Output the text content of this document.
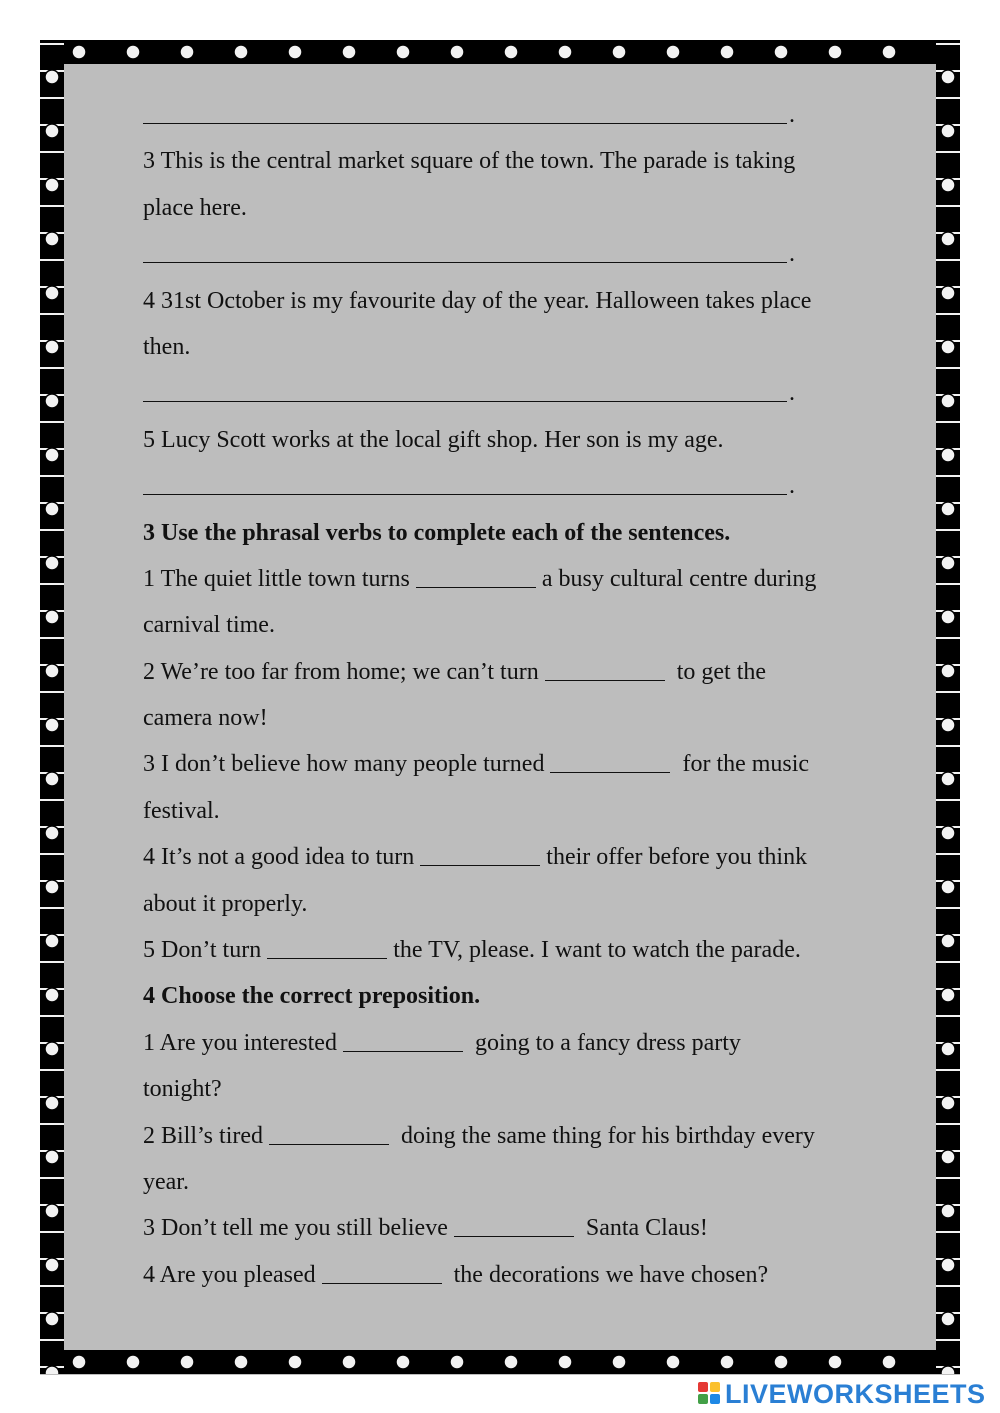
.
3 This is the central market square of the town. The parade is taking
place here.
.
4 31st October is my favourite day of the year. Halloween takes place
then.
.
5 Lucy Scott works at the local gift shop. Her son is my age.
.
3 Use the phrasal verbs to complete each of the sentences.
1 The quiet little town turns	a busy cultural centre during
carnival time.
2 We’re too far from home; we can’t turn	to get the
camera now!
3 I don’t believe how many people turned	for the music
festival.
4 It’s not a good idea to turn	their offer before you think
about it properly.
5 Don’t turn	the TV, please. I want to watch the parade.
4 Choose the correct preposition.
1 Are you interested	going to a fancy dress party
tonight?
2 Bill’s tired	doing the same thing for his birthday every
year.
3 Don’t tell me you still believe	Santa Claus!
4 Are you pleased	the decorations we have chosen?
LIVEWORKSHEETS
